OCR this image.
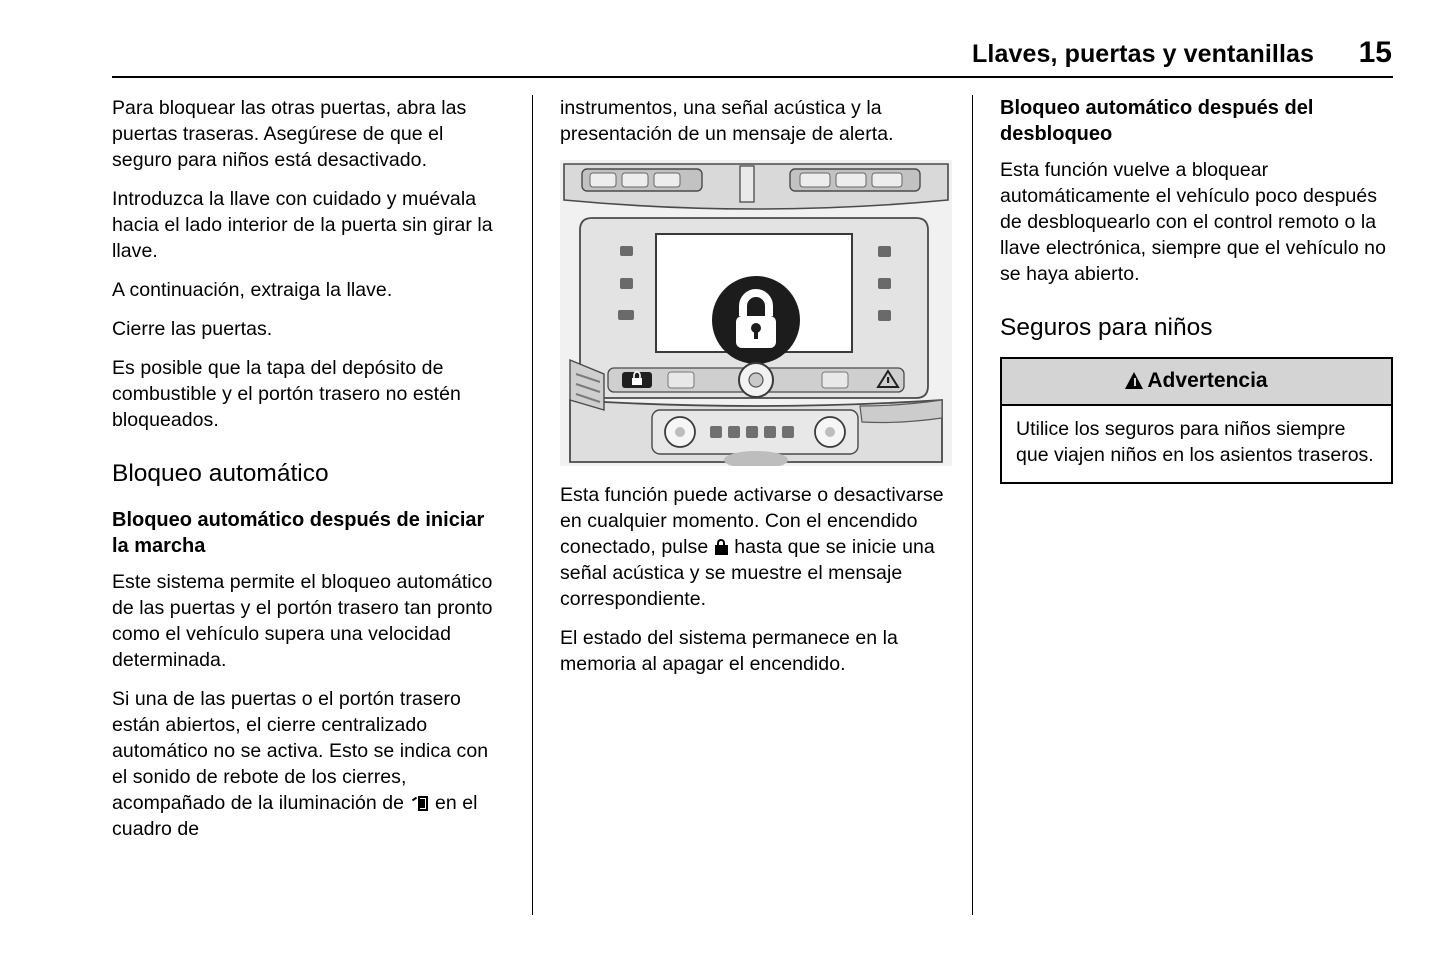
Llaves, puertas y ventanillas 15

Para bloquear las otras puertas, abra las puertas traseras. Asegúrese de que el seguro para niños está desactivado.

Introduzca la llave con cuidado y muévala hacia el lado interior de la puerta sin girar la llave.

A continuación, extraiga la llave.

Cierre las puertas.

Es posible que la tapa del depósito de combustible y el portón trasero no estén bloqueados.

Bloqueo automático
Bloqueo automático después de iniciar la marcha

Este sistema permite el bloqueo automático de las puertas y el portón trasero tan pronto como el vehículo supera una velocidad determinada.

Si una de las puertas o el portón trasero están abiertos, el cierre centralizado automático no se activa. Esto se indica con el sonido de rebote de los cierres, acompañado de la iluminación de
en el cuadro de

instrumentos, una señal acústica y la presentación de un mensaje de alerta.

Esta función puede activarse o desactivarse en cualquier momento. Con el encendido conectado, pulse
hasta que se inicie una señal acústica y se muestre el mensaje correspondiente.

El estado del sistema permanece en la memoria al apagar el encendido.

Bloqueo automático después del desbloqueo

Esta función vuelve a bloquear automáticamente el vehículo poco después de desbloquearlo con el control remoto o la llave electrónica, siempre que el vehículo no se haya abierto.

Seguros para niños
Advertencia
Utilice los seguros para niños siempre que viajen niños en los asientos traseros.
